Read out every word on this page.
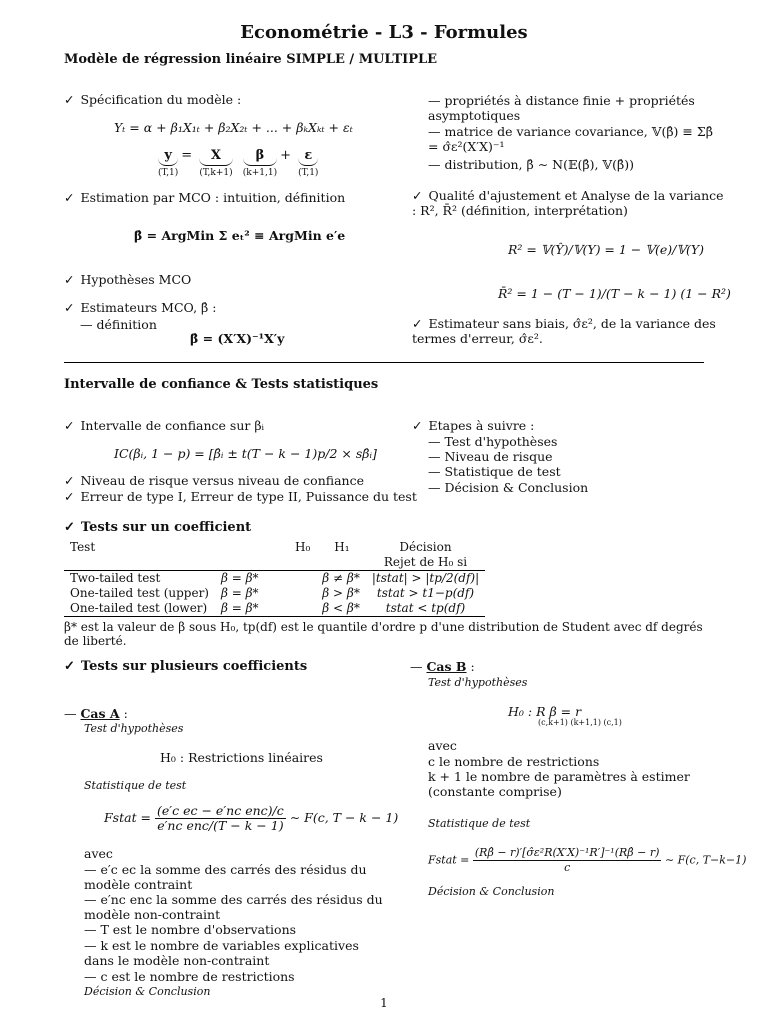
Econométrie - L3 - Formules
Modèle de régression linéaire SIMPLE / MULTIPLE
✓ Spécification du modèle :
Yₜ = α + β₁X₁ₜ + β₂X₂ₜ + ... + βₖXₖₜ + εₜ
y
(T,1)
=	X
(T,k+1)

β
(k+1,1)
+ ε
(T,1)
✓ Estimation par MCO : intuition, définition
β̂ = ArgMin Σ eₜ² ≡ ArgMin e′e
✓ Hypothèses MCO
✓ Estimateurs MCO, β̂ :
— définition
β̂ = (X′X)⁻¹X′y
— propriétés à distance finie + propriétés asymptotiques
— matrice de variance covariance, 𝕍(β̂) ≡ Σβ̂ = σ̂ε²(X′X)⁻¹
— distribution, β̂ ∼ N(𝔼(β̂), 𝕍(β̂))
✓ Qualité d'ajustement et Analyse de la variance : R², R̄² (définition, interprétation)
R² = 𝕍(Ŷ)/𝕍(Y) = 1 − 𝕍(e)/𝕍(Y)
R̄² = 1 − (T − 1)/(T − k − 1) (1 − R²)
✓ Estimateur sans biais, σ̂ε², de la variance des termes d'erreur, σ̂ε².
Intervalle de confiance & Tests statistiques
✓ Intervalle de confiance sur βᵢ
IC(βᵢ, 1 − p) = [β̂ᵢ ± t(T − k − 1)p/2 × sβ̂ᵢ]
✓ Niveau de risque versus niveau de confiance
✓ Erreur de type I, Erreur de type II, Puissance du test
✓ Etapes à suivre :
— Test d'hypothèses
— Niveau de risque
— Statistique de test
— Décision & Conclusion
✓ Tests sur un coefficient
Test	H₀	H₁	Décision
			Rejet de H₀ si
Two-tailed test	β = β*	β ≠ β*	|tstat| > |tp/2(df)|
One-tailed test (upper)	β = β*	β > β*	tstat > t1−p(df)
One-tailed test (lower)	β = β*	β < β*	tstat < tp(df)
β* est la valeur de β sous H₀, tp(df) est le quantile d'ordre p d'une distribution de Student avec df degrés de liberté.
✓ Tests sur plusieurs coefficients
— Cas A :
Test d'hypothèses
H₀ : Restrictions linéaires
Statistique de test
Fstat = $\frac{\text{(e′c ec − e′nc enc)/c}}{\text{e′nc enc/(T − k − 1)}}$ ∼ F(c, T − k − 1)
avec
— e′c ec la somme des carrés des résidus du modèle contraint
— e′nc enc la somme des carrés des résidus du modèle non-contraint
— T est le nombre d'observations
— k est le nombre de variables explicatives dans le modèle non-contraint
— c est le nombre de restrictions
Décision & Conclusion
— Cas B :
Test d'hypothèses
H₀ : R β = r
(c,k+1) (k+1,1) (c,1)
avec
c le nombre de restrictions
k + 1 le nombre de paramètres à estimer (constante comprise)
Statistique de test
Fstat = $\frac{\text{(Rβ̂ − r)′[σ̂ε²R(X′X)⁻¹R′]⁻¹(Rβ̂ − r)}}{c}$ ∼ F(c, T−k−1)
Décision & Conclusion
1
